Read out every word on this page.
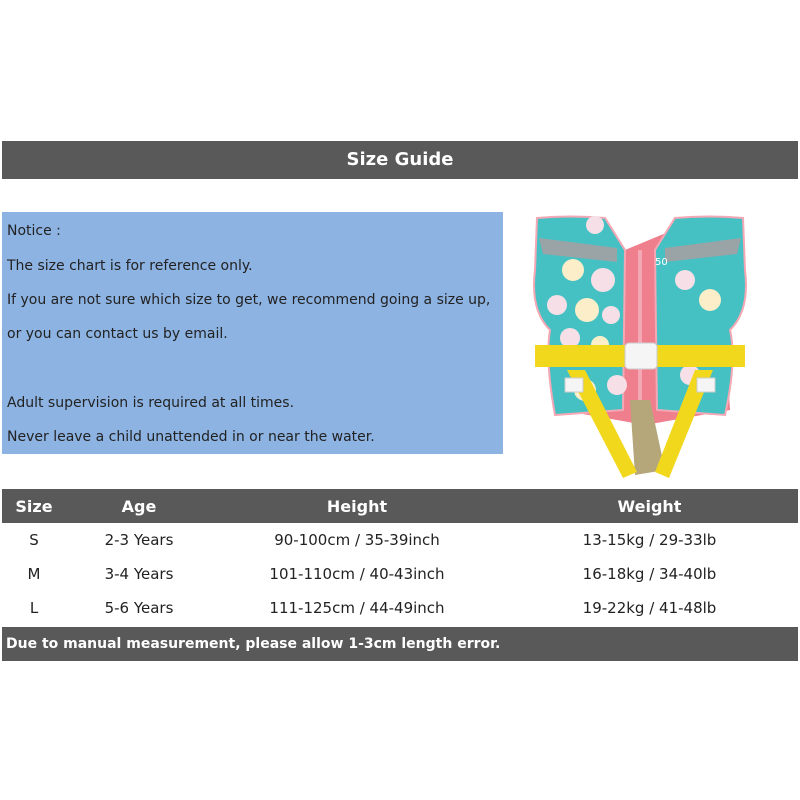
Size Guide
Notice :
The size chart is for reference only.
If you are not sure which size to get, we recommend going a size up,
or you can contact us by email.
Adult supervision is required at all times.
Never leave a child unattended in or near the water.
50
Size	Age	Height	Weight
S	2-3 Years	90-100cm / 35-39inch	13-15kg / 29-33lb
M	3-4 Years	101-110cm / 40-43inch	16-18kg / 34-40lb
L	5-6 Years	111-125cm / 44-49inch	19-22kg / 41-48lb
Due to manual measurement, please allow 1-3cm length error.
